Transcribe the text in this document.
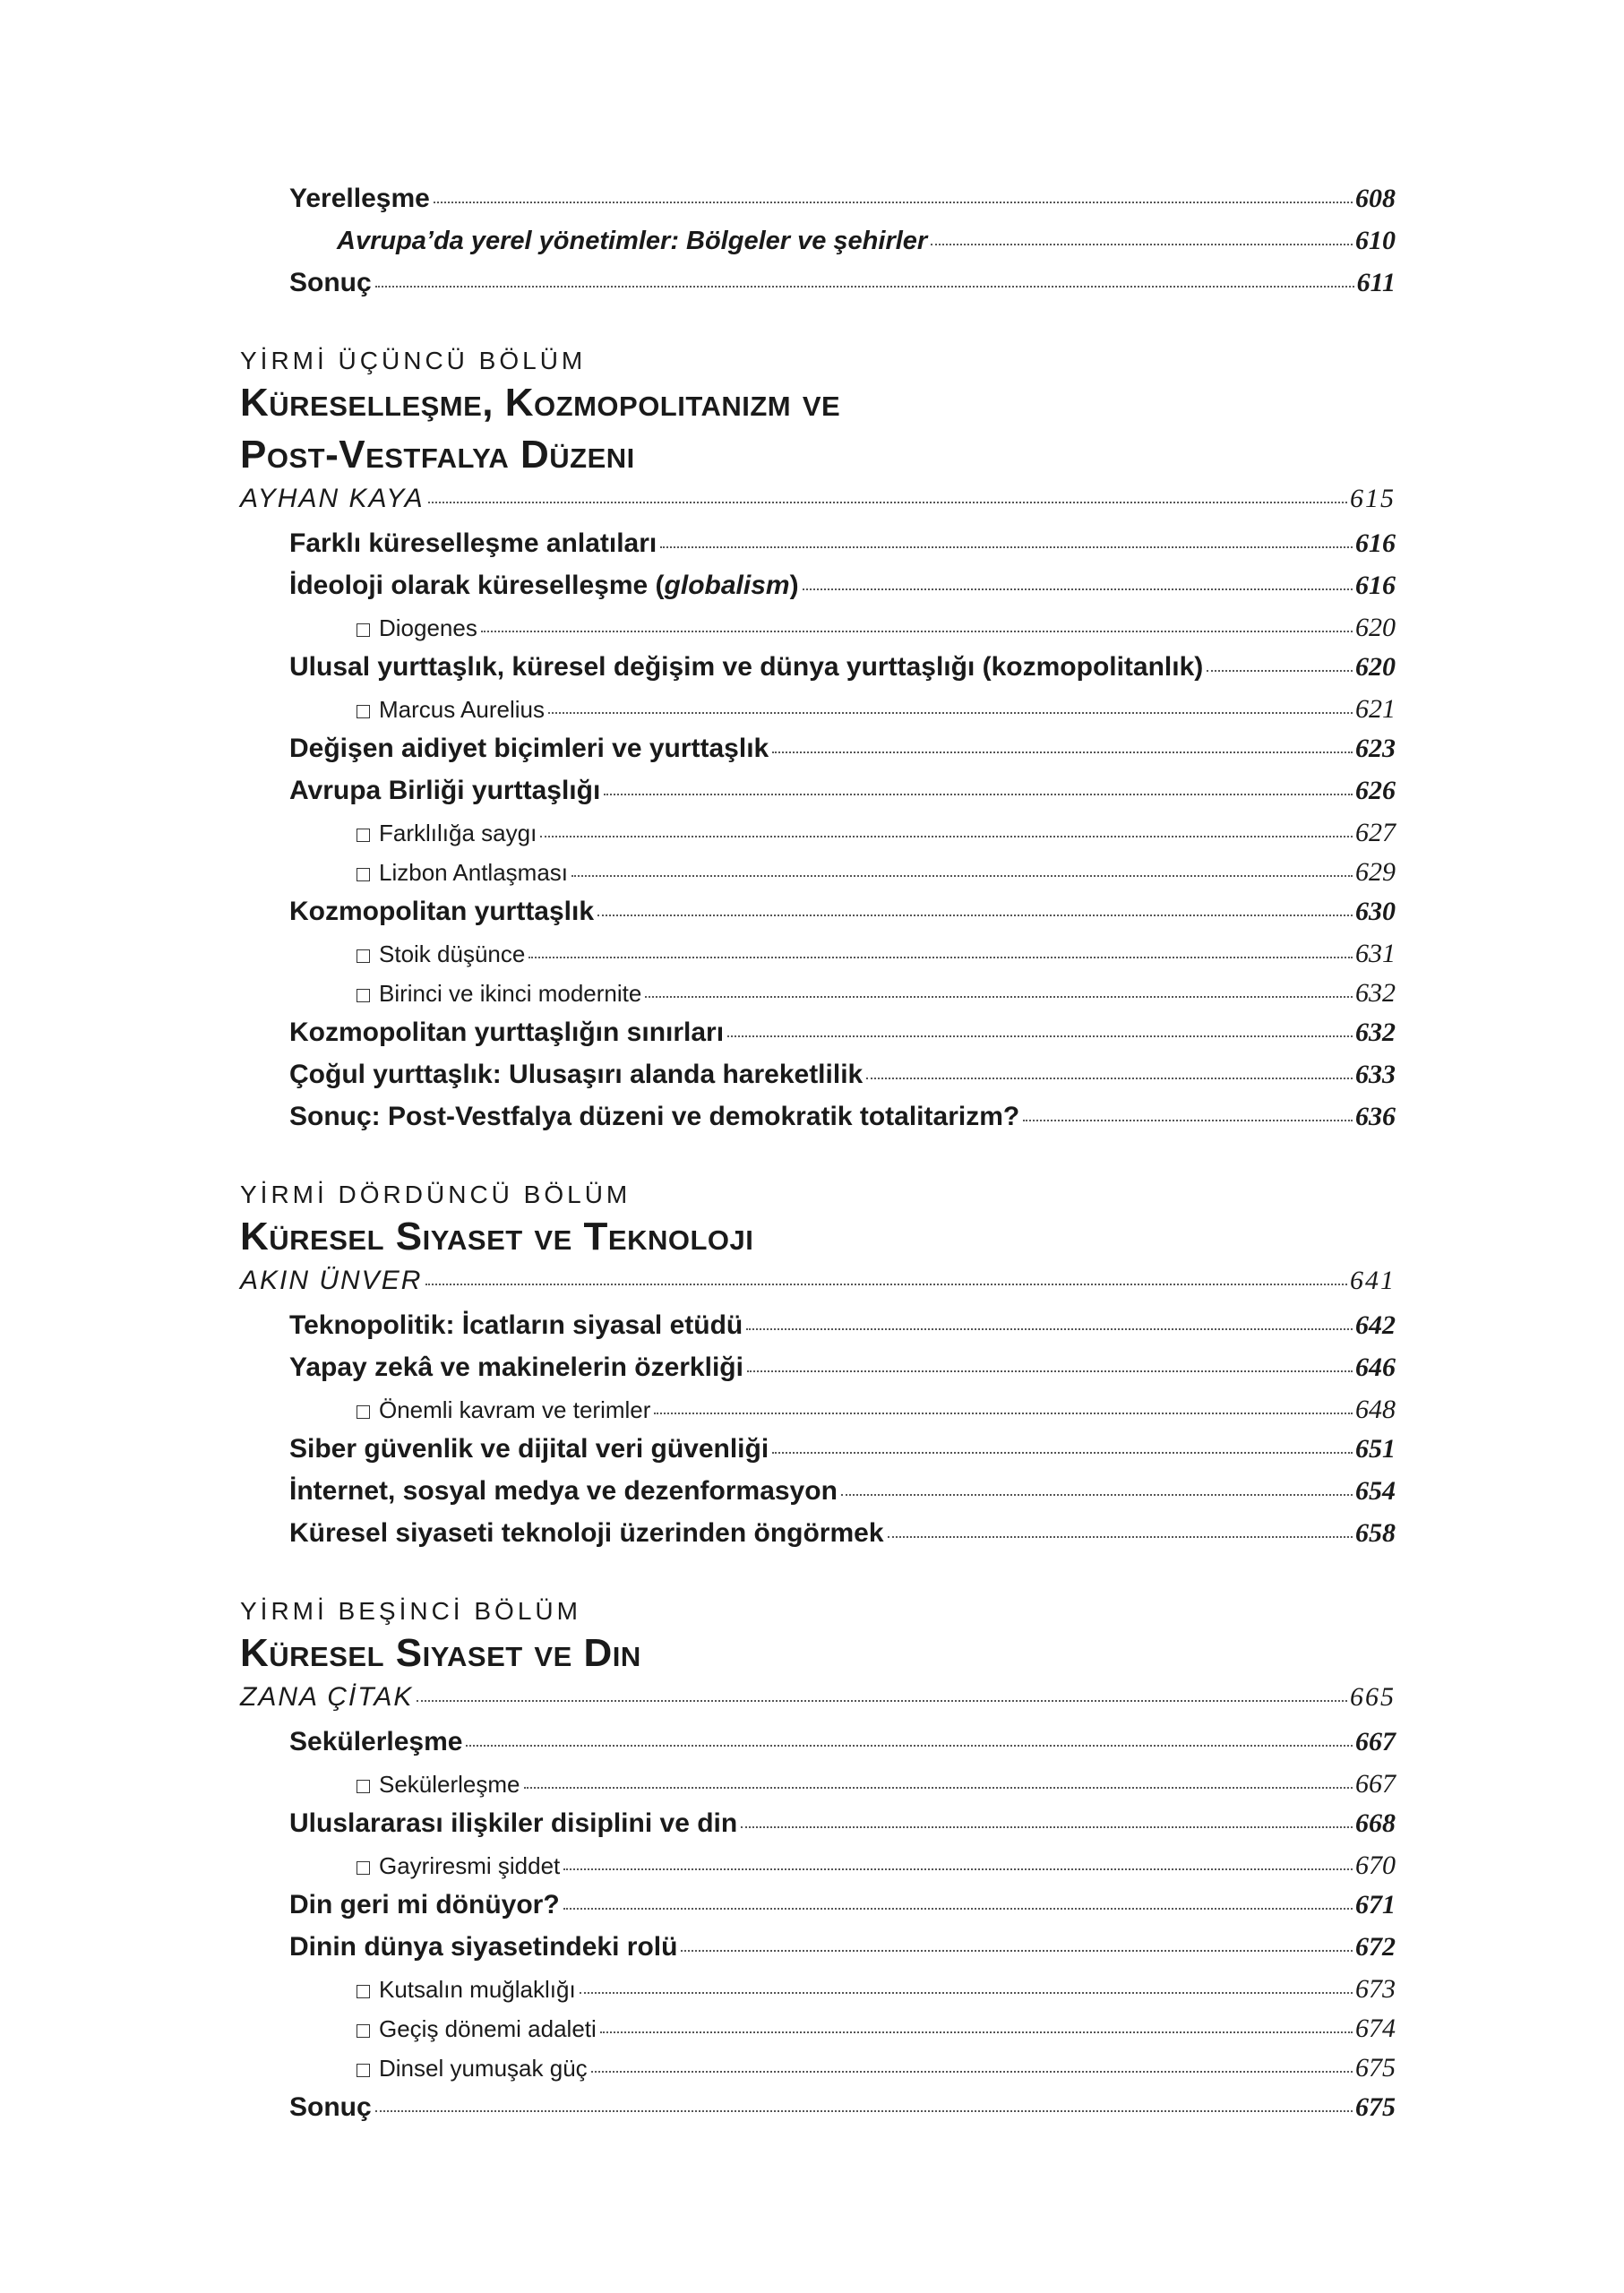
Yerelleşme	608
Avrupa’da yerel yönetimler: Bölgeler ve şehirler	610
Sonuç	611
YİRMİ ÜÇÜNCÜ BÖLÜM
Küreselleşme, Kozmopolitanizm ve
Post-Vestfalya Düzeni
AYHAN KAYA	615
Farklı küreselleşme anlatıları	616
İdeoloji olarak küreselleşme (globalism)	616
Diogenes	620
Ulusal yurttaşlık, küresel değişim ve dünya yurttaşlığı (kozmopolitanlık)	620
Marcus Aurelius	621
Değişen aidiyet biçimleri ve yurttaşlık	623
Avrupa Birliği yurttaşlığı	626
Farklılığa saygı	627
Lizbon Antlaşması	629
Kozmopolitan yurttaşlık	630
Stoik düşünce	631
Birinci ve ikinci modernite	632
Kozmopolitan yurttaşlığın sınırları	632
Çoğul yurttaşlık: Ulusaşırı alanda hareketlilik	633
Sonuç: Post-Vestfalya düzeni ve demokratik totalitarizm?	636
YİRMİ DÖRDÜNCÜ BÖLÜM
Küresel Siyaset ve Teknoloji
AKIN ÜNVER	641
Teknopolitik: İcatların siyasal etüdü	642
Yapay zekâ ve makinelerin özerkliği	646
Önemli kavram ve terimler	648
Siber güvenlik ve dijital veri güvenliği	651
İnternet, sosyal medya ve dezenformasyon	654
Küresel siyaseti teknoloji üzerinden öngörmek	658
YİRMİ BEŞİNCİ BÖLÜM
Küresel Siyaset ve Din
ZANA ÇİTAK	665
Sekülerleşme	667
Sekülerleşme	667
Uluslararası ilişkiler disiplini ve din	668
Gayriresmi şiddet	670
Din geri mi dönüyor?	671
Dinin dünya siyasetindeki rolü	672
Kutsalın muğlaklığı	673
Geçiş dönemi adaleti	674
Dinsel yumuşak güç	675
Sonuç	675
